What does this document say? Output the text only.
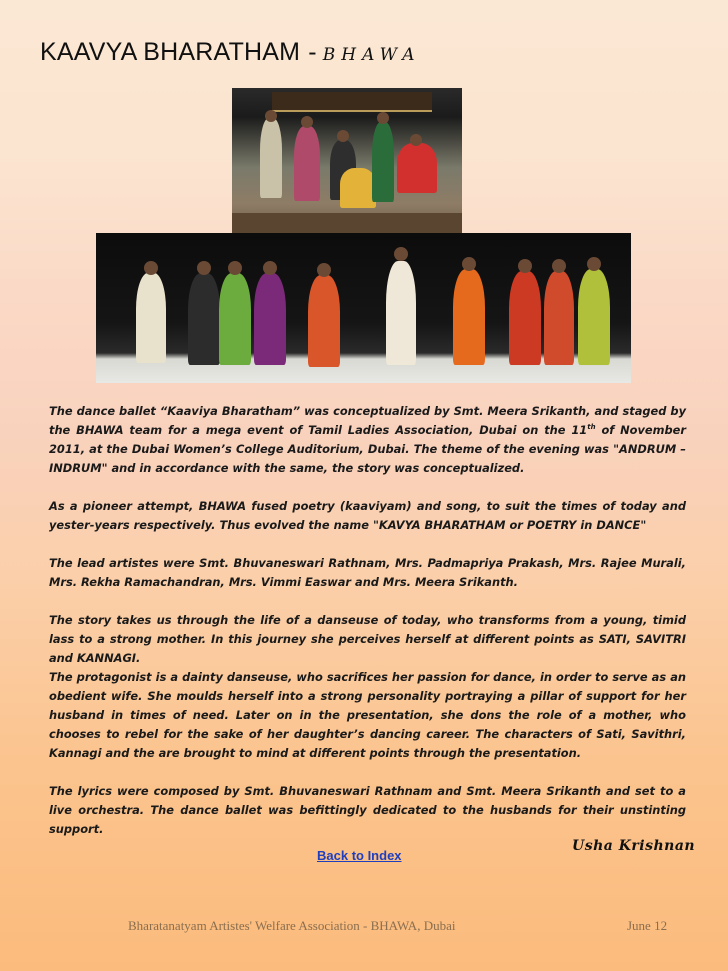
KAAVYA BHARATHAM - BHAWA

The dance ballet “Kaaviya Bharatham” was conceptualized by Smt. Meera Srikanth, and staged by the BHAWA team for a mega event of Tamil Ladies Association, Dubai on the 11th of November 2011, at the Dubai Women’s College Auditorium, Dubai. The theme of the evening was "ANDRUM – INDRUM" and in accordance with the same, the story was conceptualized.

As a pioneer attempt, BHAWA fused poetry (kaaviyam) and song, to suit the times of today and yester-years respectively. Thus evolved the name "KAVYA BHARATHAM or POETRY in DANCE"

The lead artistes were Smt. Bhuvaneswari Rathnam, Mrs. Padmapriya Prakash, Mrs. Rajee Murali, Mrs. Rekha Ramachandran, Mrs. Vimmi Easwar and Mrs. Meera Srikanth.

The story takes us through the life of a danseuse of today, who transforms from a young, timid lass to a strong mother. In this journey she perceives herself at different points as SATI, SAVITRI and KANNAGI.

The protagonist is a dainty danseuse, who sacrifices her passion for dance, in order to serve as an obedient wife. She moulds herself into a strong personality portraying a pillar of support for her husband in times of need. Later on in the presentation, she dons the role of a mother, who chooses to rebel for the sake of her daughter’s dancing career. The characters of Sati, Savithri, Kannagi and the are brought to mind at different points through the presentation.

The lyrics were composed by Smt. Bhuvaneswari Rathnam and Smt. Meera Srikanth and set to a live orchestra. The dance ballet was befittingly dedicated to the husbands for their unstinting support.

Back to Index
Usha Krishnan
Bharatanatyam Artistes' Welfare Association - BHAWA, Dubai	June 12
